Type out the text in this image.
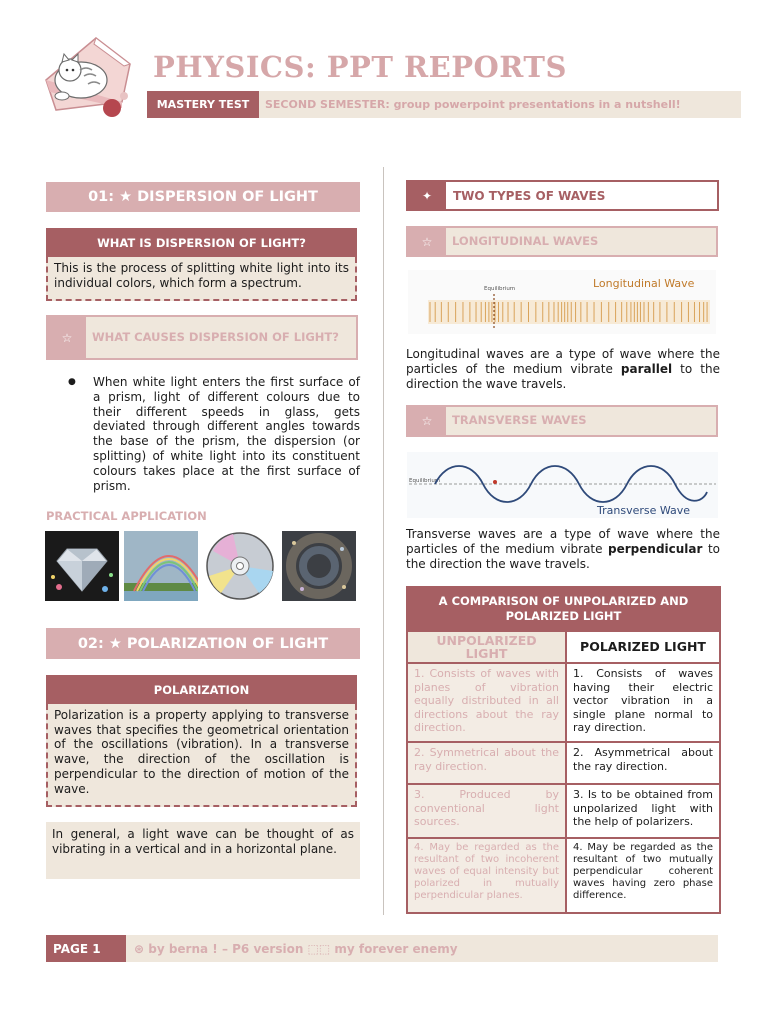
PHYSICS: PPT REPORTS
MASTERY TEST	SECOND SEMESTER: group powerpoint presentations in a nutshell!
01: ★ DISPERSION OF LIGHT
WHAT IS DISPERSION OF LIGHT?
This is the process of splitting white light into its individual colors, which form a spectrum.
☆	WHAT CAUSES DISPERSION OF LIGHT?
● When white light enters the first surface of a prism, light of different colours due to their different speeds in glass, gets deviated through different angles towards the base of the prism, the dispersion (or splitting) of white light into its constituent colours takes place at the first surface of prism.
PRACTICAL APPLICATION
02: ★ POLARIZATION OF LIGHT
POLARIZATION
Polarization is a property applying to transverse waves that specifies the geometrical orientation of the oscillations (vibration). In a transverse wave, the direction of the oscillation is perpendicular to the direction of motion of the wave.
In general, a light wave can be thought of as vibrating in a vertical and in a horizontal plane.
✦	TWO TYPES OF WAVES
☆	LONGITUDINAL WAVES
Equilibrium	Longitudinal Wave
Longitudinal waves are a type of wave where the particles of the medium vibrate parallel to the direction the wave travels.
☆	TRANSVERSE WAVES
Equilibrium
Transverse Wave
Transverse waves are a type of wave where the particles of the medium vibrate perpendicular to the direction the wave travels.
A COMPARISON OF UNPOLARIZED AND POLARIZED LIGHT
UNPOLARIZED LIGHT	POLARIZED LIGHT
1. Consists of waves with planes of vibration equally distributed in all directions about the ray direction.
1. Consists of waves having their electric vector vibration in a single plane normal to ray direction.
2. Symmetrical about the ray direction.
2. Asymmetrical about the ray direction.
3. Produced by conventional light sources.
3. Is to be obtained from unpolarized light with the help of polarizers.
4. May be regarded as the resultant of two incoherent waves of equal intensity but polarized in mutually perpendicular planes.
4. May be regarded as the resultant of two mutually perpendicular coherent waves having zero phase difference.
PAGE 1	⊛ by berna ! – P6 version ⬚⬚ my forever enemy
